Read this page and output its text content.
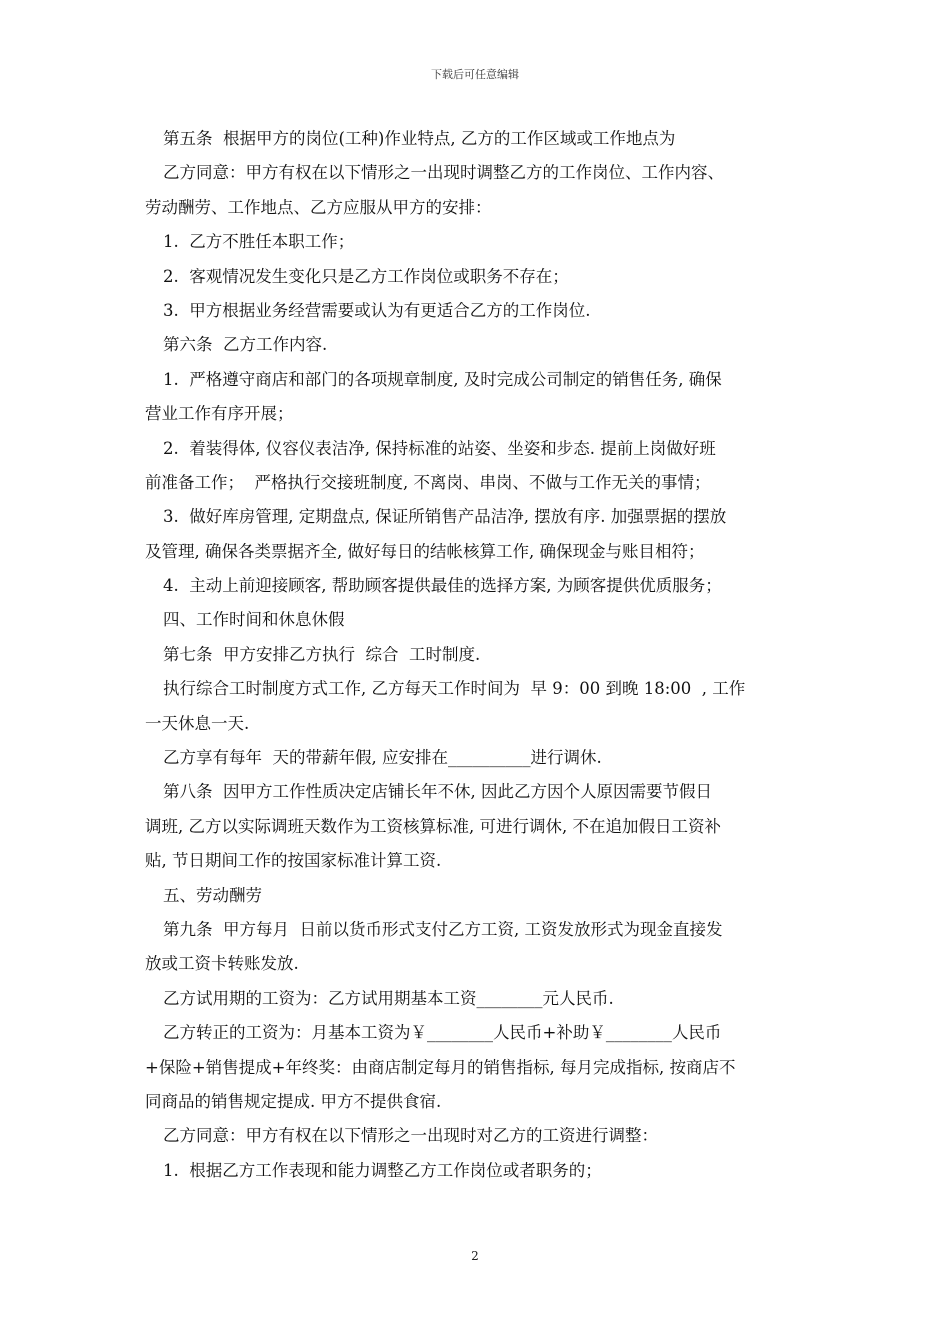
下载后可任意编辑
第五条  根据甲方的岗位(工种)作业特点, 乙方的工作区域或工作地点为
乙方同意：甲方有权在以下情形之一出现时调整乙方的工作岗位、工作内容、
劳动酬劳、工作地点、乙方应服从甲方的安排：
1.  乙方不胜任本职工作；
2.  客观情况发生变化只是乙方工作岗位或职务不存在；
3.  甲方根据业务经营需要或认为有更适合乙方的工作岗位.
第六条  乙方工作内容.
1.  严格遵守商店和部门的各项规章制度, 及时完成公司制定的销售任务, 确保
营业工作有序开展；
2.  着装得体, 仪容仪表洁净, 保持标准的站姿、坐姿和步态. 提前上岗做好班
前准备工作；  严格执行交接班制度, 不离岗、串岗、不做与工作无关的事情；
3.  做好库房管理, 定期盘点, 保证所销售产品洁净, 摆放有序. 加强票据的摆放
及管理, 确保各类票据齐全, 做好每日的结帐核算工作, 确保现金与账目相符；
4.  主动上前迎接顾客, 帮助顾客提供最佳的选择方案, 为顾客提供优质服务；
四、工作时间和休息休假
第七条  甲方安排乙方执行  综合  工时制度.
执行综合工时制度方式工作, 乙方每天工作时间为  早 9：00 到晚 18:00  , 工作
一天休息一天.
乙方享有每年  天的带薪年假, 应安排在__________进行调休.
第八条  因甲方工作性质决定店铺长年不休, 因此乙方因个人原因需要节假日
调班, 乙方以实际调班天数作为工资核算标准, 可进行调休, 不在追加假日工资补
贴, 节日期间工作的按国家标准计算工资.
五、劳动酬劳
第九条  甲方每月  日前以货币形式支付乙方工资, 工资发放形式为现金直接发
放或工资卡转账发放.
乙方试用期的工资为：乙方试用期基本工资________元人民币.
乙方转正的工资为：月基本工资为￥________人民币+补助￥________人民币
+保险+销售提成+年终奖：由商店制定每月的销售指标, 每月完成指标, 按商店不
同商品的销售规定提成. 甲方不提供食宿.
乙方同意：甲方有权在以下情形之一出现时对乙方的工资进行调整：
1.  根据乙方工作表现和能力调整乙方工作岗位或者职务的；
2
